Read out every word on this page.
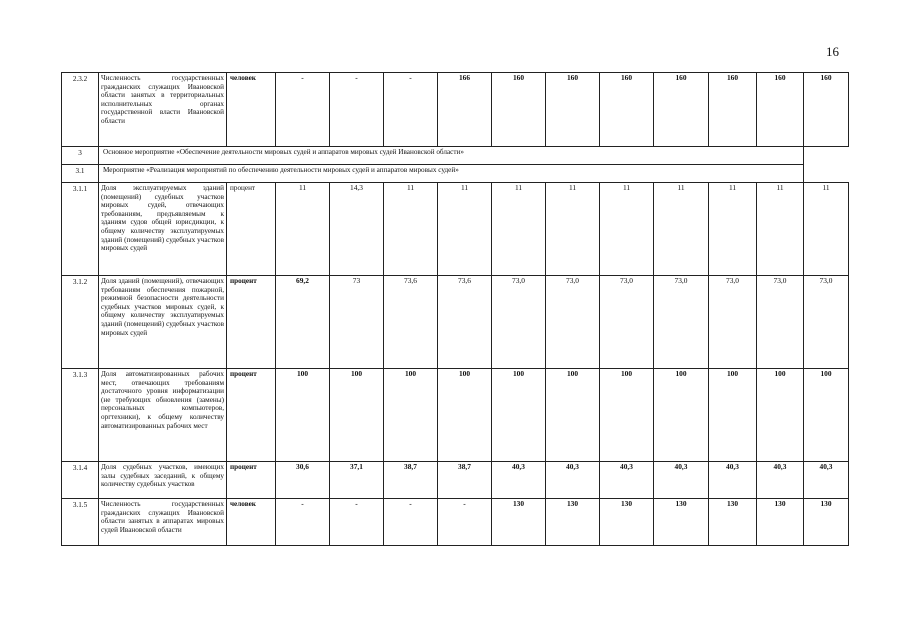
16
2.3.2	Численность государственных гражданских служащих Ивановской области занятых в территориальных исполнительных органах государственной власти Ивановской области	человек	-	-	-	166	160	160	160	160	160	160	160
3	Основное мероприятие «Обеспечение деятельности мировых судей и аппаратов мировых судей Ивановской области»												
3.1	Мероприятие «Реализация мероприятий по обеспечению деятельности мировых судей и аппаратов мировых судей»												
3.1.1	Доля эксплуатируемых зданий (помещений) судебных участков мировых судей, отвечающих требованиям, предъявляемым к зданиям судов общей юрисдикции, к общему количеству эксплуатируемых зданий (помещений) судебных участков мировых судей	процент	11	14,3	11	11	11	11	11	11	11	11	11
3.1.2	Доля зданий (помещений), отвечающих требованиям обеспечения пожарной, режимной безопасности деятельности судебных участков мировых судей, к общему количеству эксплуатируемых зданий (помещений) судебных участков мировых судей	процент	69,2	73	73,6	73,6	73,0	73,0	73,0	73,0	73,0	73,0	73,0
3.1.3	Доля автоматизированных рабочих мест, отвечающих требованиям достаточного уровня информатизации (не требующих обновления (замены) персональных компьютеров, оргтехники), к общему количеству автоматизированных рабочих мест	процент	100	100	100	100	100	100	100	100	100	100	100
3.1.4	Доля судебных участков, имеющих залы судебных заседаний, к общему количеству судебных участков	процент	30,6	37,1	38,7	38,7	40,3	40,3	40,3	40,3	40,3	40,3	40,3
3.1.5	Численность государственных гражданских служащих Ивановской области занятых в аппаратах мировых судей Ивановской области	человек	-	-	-	-	130	130	130	130	130	130	130
